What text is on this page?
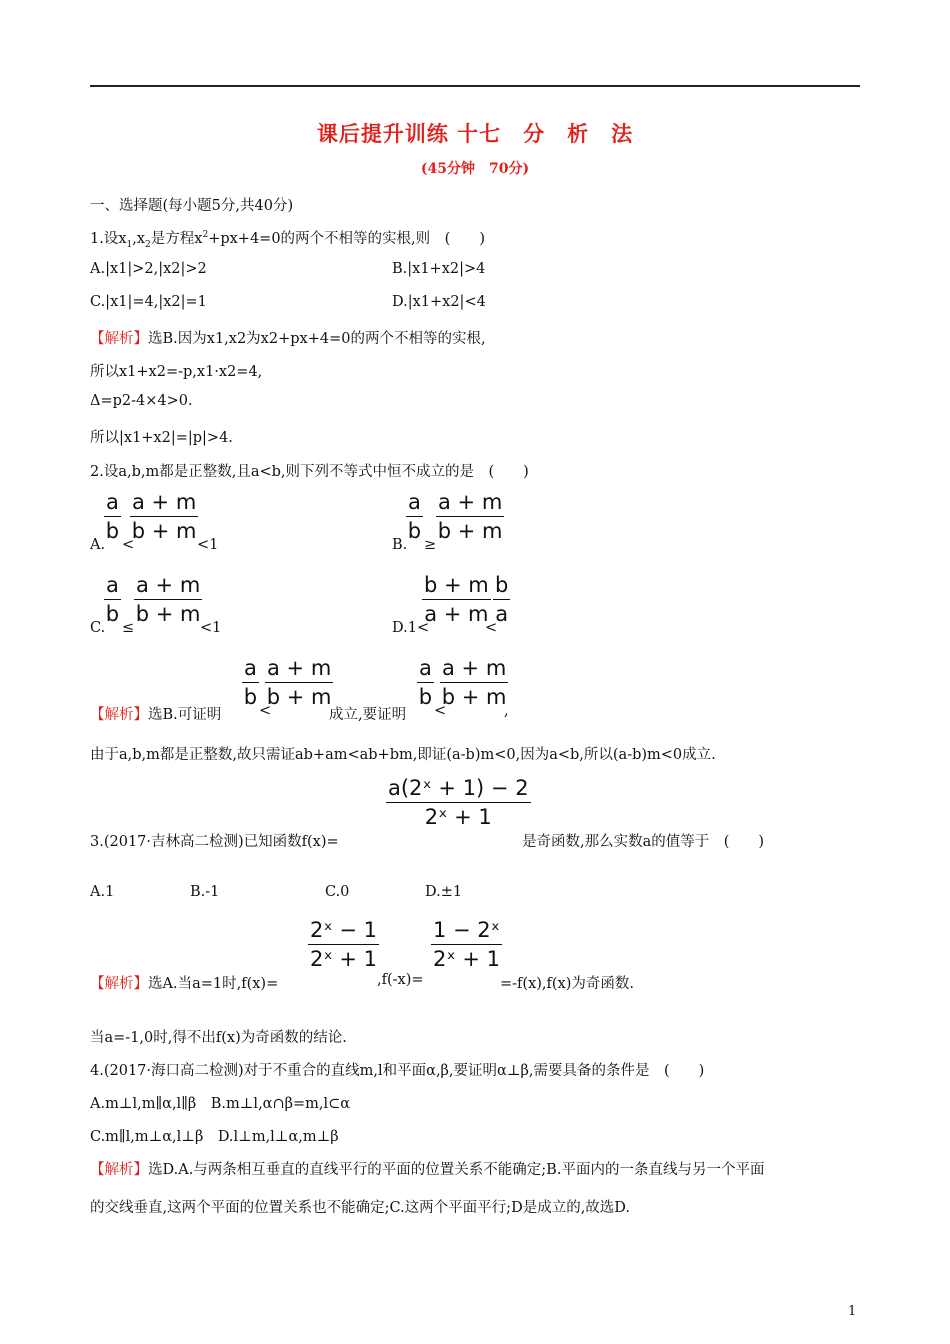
课后提升训练 十七　分　析　法
(45分钟　70分)
一、选择题(每小题5分,共40分)
1.设$x_1,x_2$是方程$x^2+px+4=0$的两个不相等的实根,则　(　　)
A.|x1|>2,|x2|>2	B.|x1+x2|>4
C.|x1|=4,|x2|=1	D.|x1+x2|<4
【解析】选B.因为x1,x2为x2+px+4=0的两个不相等的实根,
所以x1+x2=-p,x1·x2=4,
Δ=p2-4×4>0.
所以|x1+x2|=|p|>4.
2.设a,b,m都是正整数,且a<b,则下列不等式中恒不成立的是　(　　)
A.
$\frac{a}{b}$
<
$\frac{a + m}{b + m}$
<1	B.
$\frac{a}{b}$
≥
$\frac{a + m}{b + m}$
C.
$\frac{a}{b}$
≤
$\frac{a + m}{b + m}$
<1	D.1<
$\frac{b + m}{a + m}$
<
$\frac{b}{a}$
【解析】选B.可证明
$\frac{a}{b}$
<
$\frac{a + m}{b + m}$
成立,要证明
$\frac{a}{b}$
<
$\frac{a + m}{b + m}$
,
由于a,b,m都是正整数,故只需证ab+am<ab+bm,即证(a-b)m<0,因为a<b,所以(a-b)m<0成立.
3.(2017·吉林高二检测)已知函数f(x)=
$\frac{\text{a(2ˣ + 1) − 2}}{\text{2ˣ + 1}}$
是奇函数,那么实数a的值等于　(　　)
A.1	B.-1	C.0	D.±1
【解析】选A.当a=1时,f(x)=
$\frac{\text{2ˣ − 1}}{\text{2ˣ + 1}}$
,f(-x)=
$\frac{\text{1 − 2ˣ}}{\text{2ˣ + 1}}$
=-f(x),f(x)为奇函数.
当a=-1,0时,得不出f(x)为奇函数的结论.
4.(2017·海口高二检测)对于不重合的直线m,l和平面α,β,要证明α⊥β,需要具备的条件是　(　　)
A.m⊥l,m∥α,l∥β　B.m⊥l,α∩β=m,l⊂α
C.m∥l,m⊥α,l⊥β　D.l⊥m,l⊥α,m⊥β
【解析】选D.A.与两条相互垂直的直线平行的平面的位置关系不能确定;B.平面内的一条直线与另一个平面
的交线垂直,这两个平面的位置关系也不能确定;C.这两个平面平行;D是成立的,故选D.
1
